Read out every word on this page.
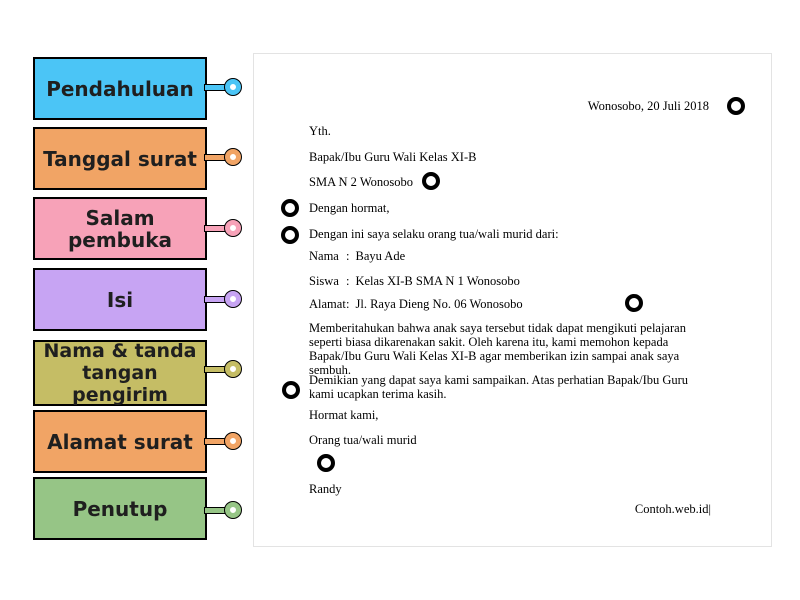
Pendahuluan
Tanggal surat
Salam pembuka
Isi
Nama & tanda tangan pengirim
Alamat surat
Penutup
Wonosobo, 20 Juli 2018
Yth.
Bapak/Ibu Guru Wali Kelas XI-B
SMA N 2 Wonosobo
Dengan hormat,
Dengan ini saya selaku orang tua/wali murid dari:
Nama : Bayu Ade
Siswa : Kelas XI-B SMA N 1 Wonosobo
Alamat: Jl. Raya Dieng No. 06 Wonosobo
Memberitahukan bahwa anak saya tersebut tidak dapat mengikuti pelajaran seperti biasa dikarenakan sakit. Oleh karena itu, kami memohon kepada Bapak/Ibu Guru Wali Kelas XI-B agar memberikan izin sampai anak saya sembuh.
Demikian yang dapat saya kami sampaikan. Atas perhatian Bapak/Ibu Guru kami ucapkan terima kasih.
Hormat kami,
Orang tua/wali murid
Randy
Contoh.web.id|
